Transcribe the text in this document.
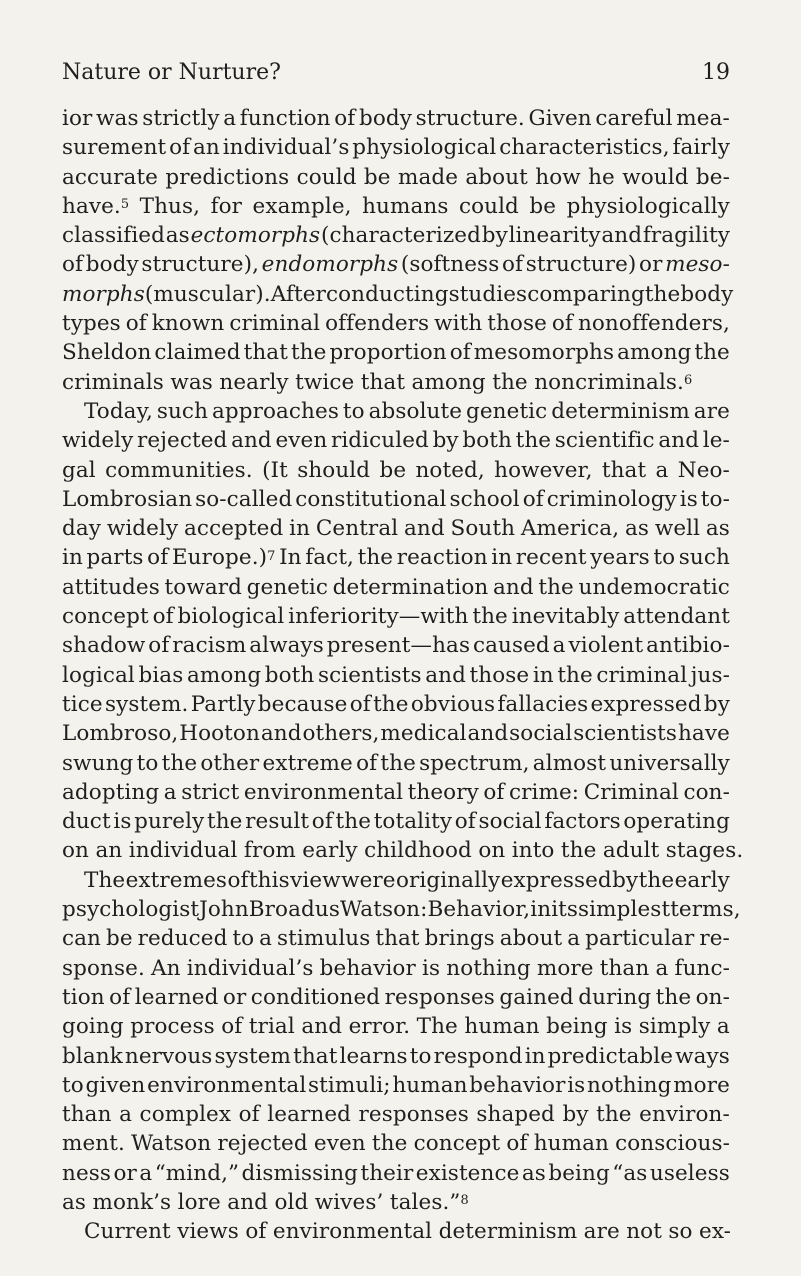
Nature or Nurture?	19
ior was strictly a function of body structure. Given careful mea-
surement of an individual’s physiological characteristics, fairly
accurate predictions could be made about how he would be-
have.$^5$ Thus, for example, humans could be physiologically
classified as ectomorphs (characterized by linearity and fragility
of body structure), endomorphs (softness of structure) or meso-
morphs (muscular). After conducting studies comparing the body
types of known criminal offenders with those of nonoffenders,
Sheldon claimed that the proportion of mesomorphs among the
criminals was nearly twice that among the noncriminals.$^6$
Today, such approaches to absolute genetic determinism are
widely rejected and even ridiculed by both the scientific and le-
gal communities. (It should be noted, however, that a Neo-
Lombrosian so-called constitutional school of criminology is to-
day widely accepted in Central and South America, as well as
in parts of Europe.)$^7$ In fact, the reaction in recent years to such
attitudes toward genetic determination and the undemocratic
concept of biological inferiority—with the inevitably attendant
shadow of racism always present—has caused a violent antibio-
logical bias among both scientists and those in the criminal jus-
tice system. Partly because of the obvious fallacies expressed by
Lombroso, Hooton and others, medical and social scientists have
swung to the other extreme of the spectrum, almost universally
adopting a strict environmental theory of crime: Criminal con-
duct is purely the result of the totality of social factors operating
on an individual from early childhood on into the adult stages.
The extremes of this view were originally expressed by the early
psychologist John Broadus Watson: Behavior, in its simplest terms,
can be reduced to a stimulus that brings about a particular re-
sponse. An individual’s behavior is nothing more than a func-
tion of learned or conditioned responses gained during the on-
going process of trial and error. The human being is simply a
blank nervous system that learns to respond in predictable ways
to given environmental stimuli; human behavior is nothing more
than a complex of learned responses shaped by the environ-
ment. Watson rejected even the concept of human conscious-
ness or a “mind,” dismissing their existence as being “as useless
as monk’s lore and old wives’ tales.”$^8$
Current views of environmental determinism are not so ex-
